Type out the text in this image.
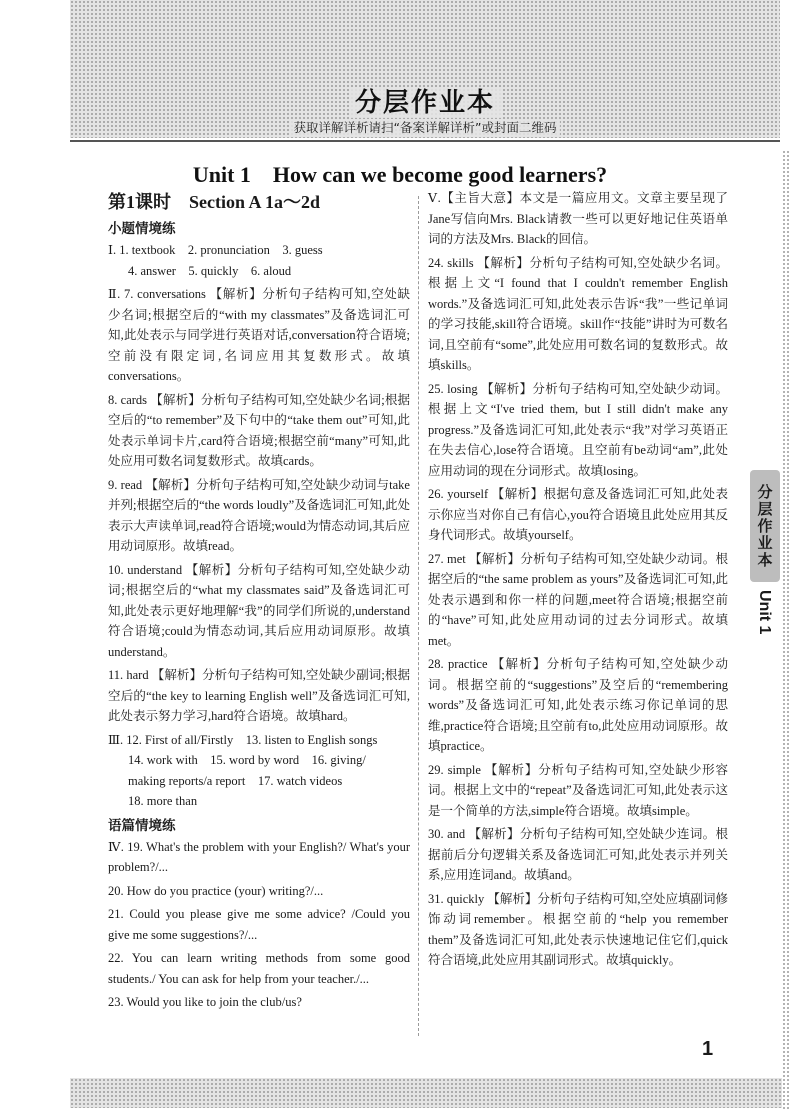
分层作业本
获取详解详析请扫“备案详解详析”或封面二维码
Unit 1　How can we become good learners?
第1课时　Section A 1a～2d
小题情境练
Ⅰ. 1. textbook　2. pronunciation　3. guess
4. answer　5. quickly　6. aloud
Ⅱ. 7. conversations 【解析】分析句子结构可知,空处缺少名词;根据空后的“with my classmates”及备选词汇可知,此处表示与同学进行英语对话,conversation符合语境;空前没有限定词,名词应用其复数形式。故填conversations。
8. cards 【解析】分析句子结构可知,空处缺少名词;根据空后的“to remember”及下句中的“take them out”可知,此处表示单词卡片,card符合语境;根据空前“many”可知,此处应用可数名词复数形式。故填cards。
9. read 【解析】分析句子结构可知,空处缺少动词与take并列;根据空后的“the words loudly”及备选词汇可知,此处表示大声读单词,read符合语境;would为情态动词,其后应用动词原形。故填read。
10. understand 【解析】分析句子结构可知,空处缺少动词;根据空后的“what my classmates said”及备选词汇可知,此处表示更好地理解“我”的同学们所说的,understand符合语境;could为情态动词,其后应用动词原形。故填understand。
11. hard 【解析】分析句子结构可知,空处缺少副词;根据空后的“the key to learning English well”及备选词汇可知,此处表示努力学习,hard符合语境。故填hard。
Ⅲ. 12. First of all/Firstly　13. listen to English songs
14. work with　15. word by word　16. giving/
making reports/a report　17. watch videos
18. more than
语篇情境练
Ⅳ. 19. What's the problem with your English?/ What's your problem?/...
20. How do you practice (your) writing?/...
21. Could you please give me some advice? /Could you give me some suggestions?/...
22. You can learn writing methods from some good students./ You can ask for help from your teacher./...
23. Would you like to join the club/us?
Ⅴ.【主旨大意】本文是一篇应用文。文章主要呈现了Jane写信向Mrs. Black请教一些可以更好地记住英语单词的方法及Mrs. Black的回信。
24. skills 【解析】分析句子结构可知,空处缺少名词。根据上文“I found that I couldn't remember English words.”及备选词汇可知,此处表示告诉“我”一些记单词的学习技能,skill符合语境。skill作“技能”讲时为可数名词,且空前有“some”,此处应用可数名词的复数形式。故填skills。
25. losing 【解析】分析句子结构可知,空处缺少动词。根据上文“I've tried them, but I still didn't make any progress.”及备选词汇可知,此处表示“我”对学习英语正在失去信心,lose符合语境。且空前有be动词“am”,此处应用动词的现在分词形式。故填losing。
26. yourself 【解析】根据句意及备选词汇可知,此处表示你应当对你自己有信心,you符合语境且此处应用其反身代词形式。故填yourself。
27. met 【解析】分析句子结构可知,空处缺少动词。根据空后的“the same problem as yours”及备选词汇可知,此处表示遇到和你一样的问题,meet符合语境;根据空前的“have”可知,此处应用动词的过去分词形式。故填met。
28. practice 【解析】分析句子结构可知,空处缺少动词。根据空前的“suggestions”及空后的“remembering words”及备选词汇可知,此处表示练习你记单词的思维,practice符合语境;且空前有to,此处应用动词原形。故填practice。
29. simple 【解析】分析句子结构可知,空处缺少形容词。根据上文中的“repeat”及备选词汇可知,此处表示这是一个简单的方法,simple符合语境。故填simple。
30. and 【解析】分析句子结构可知,空处缺少连词。根据前后分句逻辑关系及备选词汇可知,此处表示并列关系,应用连词and。故填and。
31. quickly 【解析】分析句子结构可知,空处应填副词修饰动词remember。根据空前的“help you remember them”及备选词汇可知,此处表示快速地记住它们,quick符合语境,此处应用其副词形式。故填quickly。
分层作业本
Unit 1
1
